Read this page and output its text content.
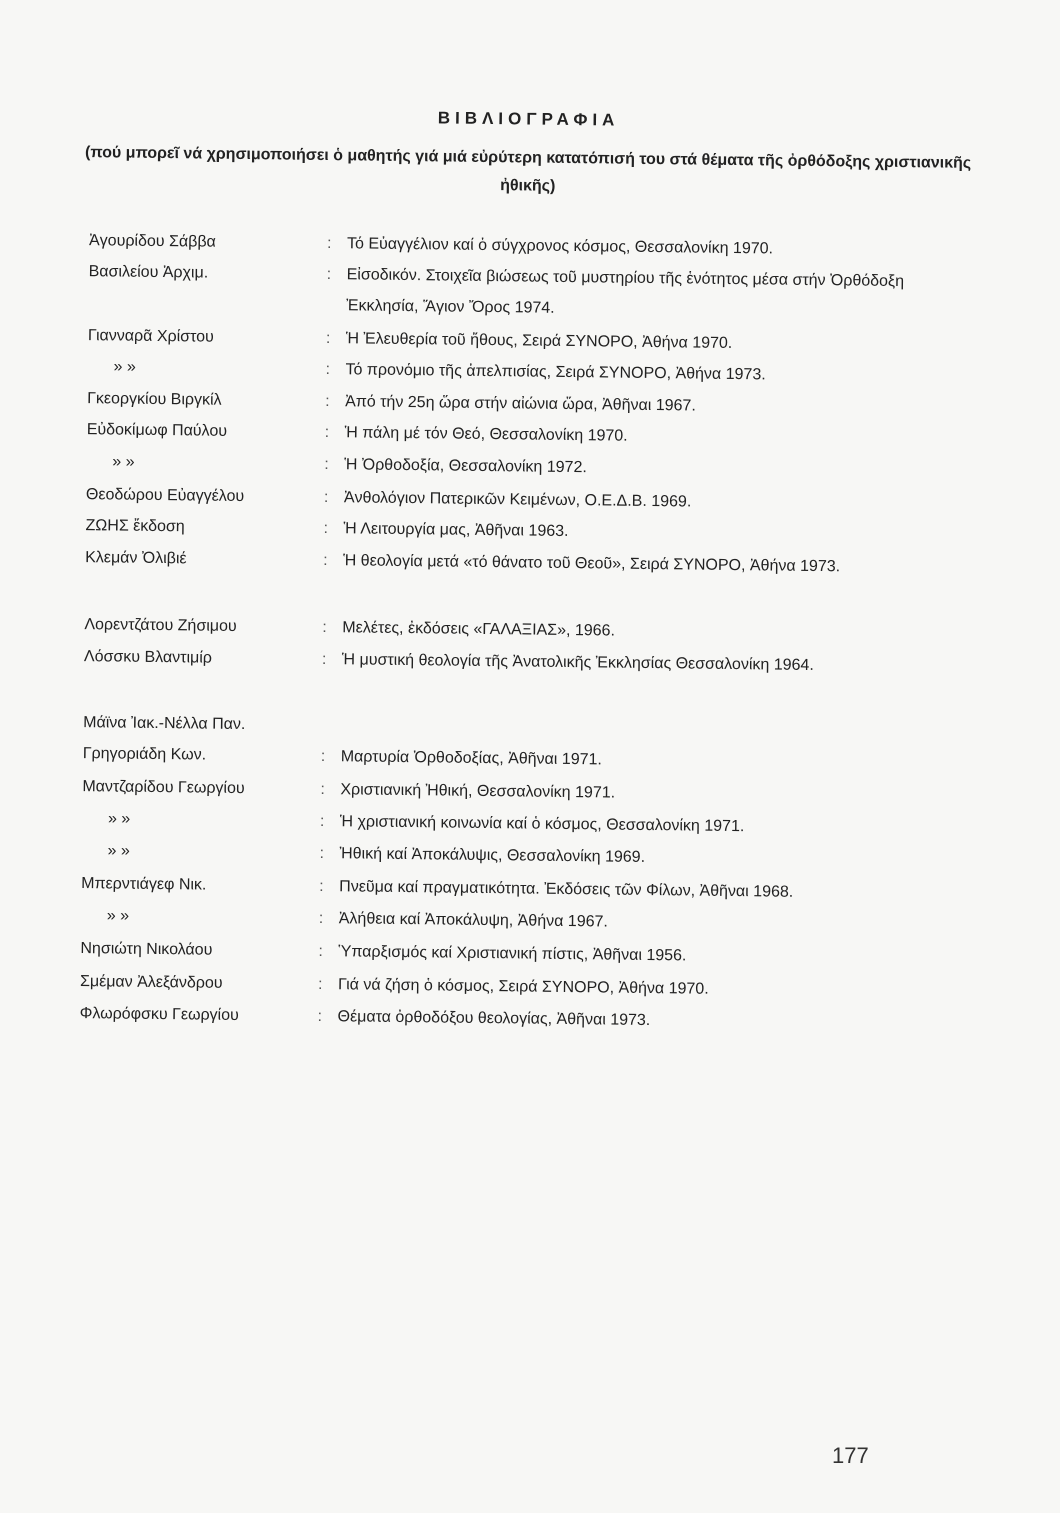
ΒΙΒΛΙΟΓΡΑΦΙΑ

(πού μπορεῖ νά χρησιμοποιήσει ὁ μαθητής γιά μιά εὐρύτερη κατατόπισή του στά θέματα τῆς ὀρθόδοξης χριστιανικῆς ἠθικῆς)

Ἀγουρίδου Σάββα	: Τό Εὐαγγέλιον καί ὁ σύγχρονος κόσμος, Θεσσαλονίκη 1970.
Βασιλείου Ἀρχιμ.	: Εἰσοδικόν. Στοιχεῖα βιώσεως τοῦ μυστηρίου τῆς ἑνότητος μέσα στήν Ὀρθόδοξη Ἐκκλησία, Ἅγιον Ὄρος 1974.
Γιανναρᾶ Χρίστου	: Ἡ Ἐλευθερία τοῦ ἤθους, Σειρά ΣΥΝΟΡΟ, Ἀθήνα 1970.
» »	: Τό προνόμιο τῆς ἀπελπισίας, Σειρά ΣΥΝΟΡΟ, Ἀθήνα 1973.
Γκεοργκίου Βιργκίλ	: Ἀπό τήν 25η ὥρα στήν αἰώνια ὥρα, Ἀθῆναι 1967.
Εὐδοκίμωφ Παύλου	: Ἡ πάλη μέ τόν Θεό, Θεσσαλονίκη 1970.
» »	: Ἡ Ὀρθοδοξία, Θεσσαλονίκη 1972.
Θεοδώρου Εὐαγγέλου	: Ἀνθολόγιον Πατερικῶν Κειμένων, Ο.Ε.Δ.Β. 1969.
ΖΩΗΣ ἔκδοση	: Ἡ Λειτουργία μας, Ἀθῆναι 1963.
Κλεμάν Ὀλιβιέ	: Ἡ θεολογία μετά «τό θάνατο τοῦ Θεοῦ», Σειρά ΣΥΝΟΡΟ, Ἀθήνα 1973.
Λορεντζάτου Ζήσιμου	: Μελέτες, ἐκδόσεις «ΓΑΛΑΞΙΑΣ», 1966.
Λόσσκυ Βλαντιμίρ	: Ἡ μυστική θεολογία τῆς Ἀνατολικῆς Ἐκκλησίας Θεσσαλονίκη 1964.
Μάϊνα Ἰακ.-Νέλλα Παν.
Γρηγοριάδη Κων.	: Μαρτυρία Ὀρθοδοξίας, Ἀθῆναι 1971.
Μαντζαρίδου Γεωργίου	: Χριστιανική Ἠθική, Θεσσαλονίκη 1971.
» »	: Ἡ χριστιανική κοινωνία καί ὁ κόσμος, Θεσσαλονίκη 1971.
» »	: Ἠθική καί Ἀποκάλυψις, Θεσσαλονίκη 1969.
Μπερντιάγεφ Νικ.	: Πνεῦμα καί πραγματικότητα. Ἐκδόσεις τῶν Φίλων, Ἀθῆναι 1968.
» »	: Ἀλήθεια καί Ἀποκάλυψη, Ἀθήνα 1967.
Νησιώτη Νικολάου	: Ὑπαρξισμός καί Χριστιανική πίστις, Ἀθῆναι 1956.
Σμέμαν Ἀλεξάνδρου	: Γιά νά ζήση ὁ κόσμος, Σειρά ΣΥΝΟΡΟ, Ἀθήνα 1970.
Φλωρόφσκυ Γεωργίου	: Θέματα ὀρθοδόξου θεολογίας, Ἀθῆναι 1973.
177
